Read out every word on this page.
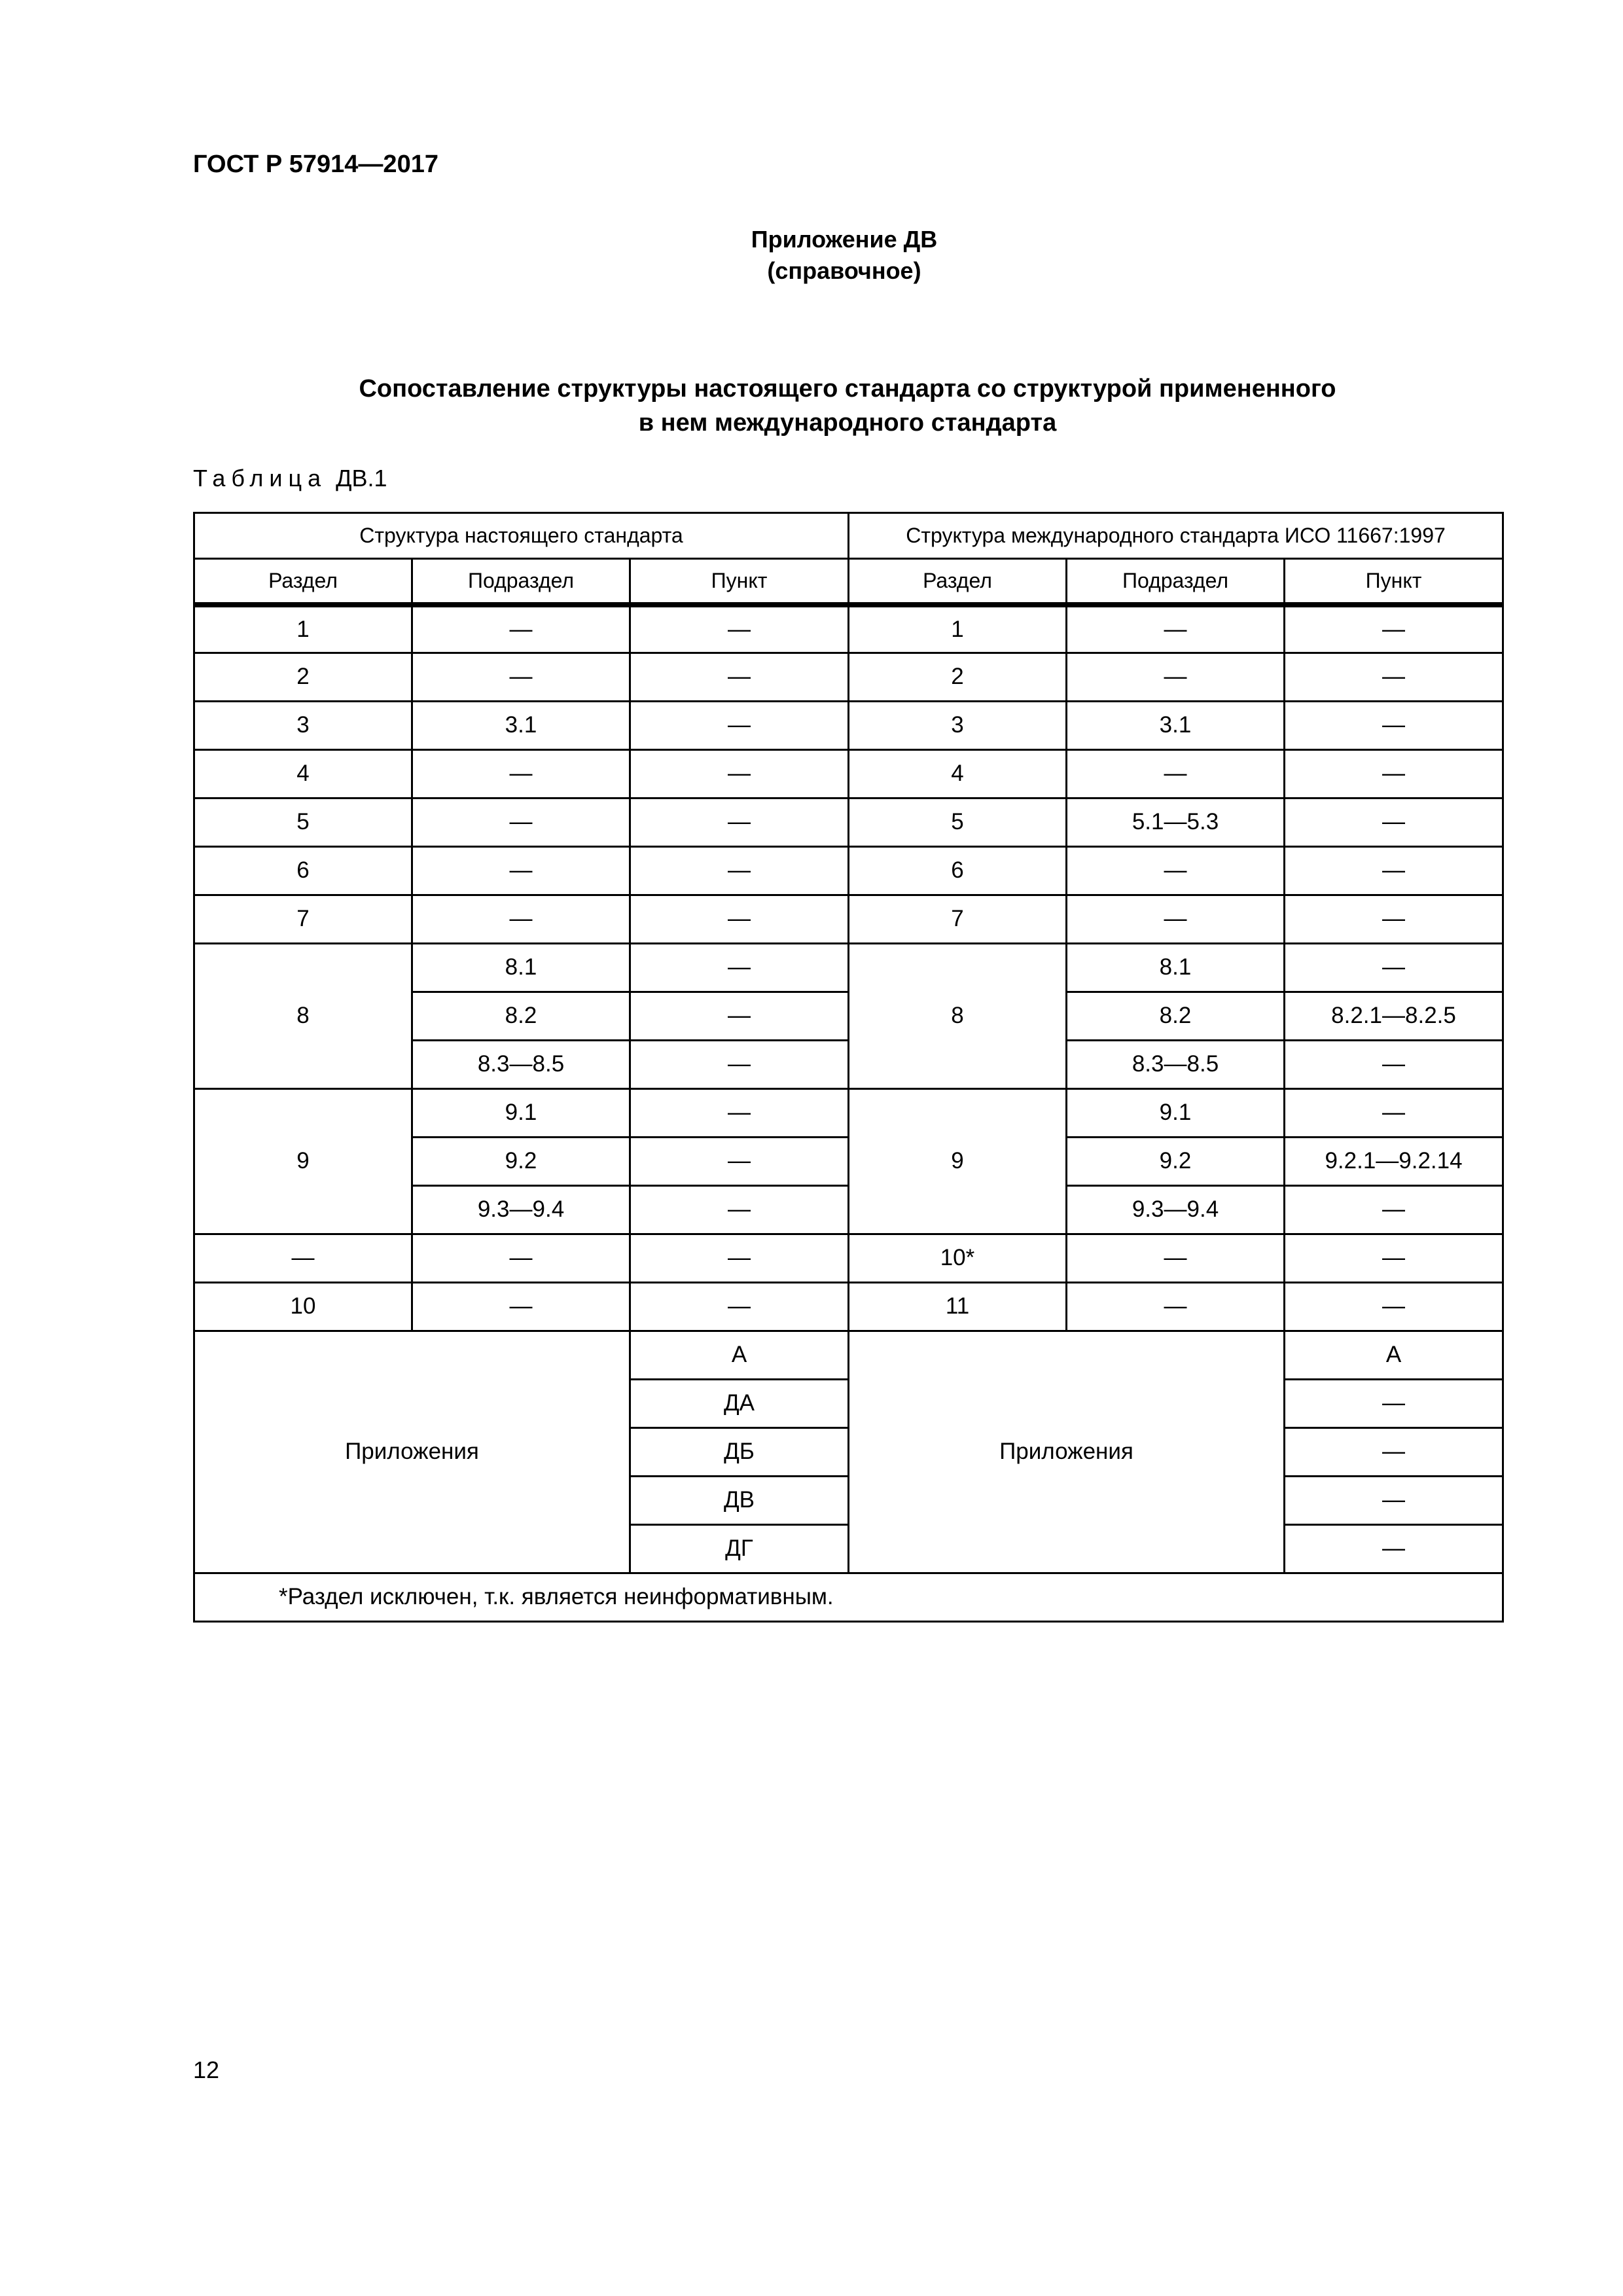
ГОСТ Р 57914—2017
Приложение ДВ
(справочное)
Сопоставление структуры настоящего стандарта со структурой примененного
в нем международного стандарта
Таблица ДВ.1
Структура настоящего стандарта			Структура международного стандарта ИСО 11667:1997		
Раздел	Подраздел	Пункт	Раздел	Подраздел	Пункт
1	—	—	1	—	—
2	—	—	2	—	—
3	3.1	—	3	3.1	—
4	—	—	4	—	—
5	—	—	5	5.1—5.3	—
6	—	—	6	—	—
7	—	—	7	—	—
8	8.1	—	8	8.1	—
	8.2	—		8.2	8.2.1—8.2.5
	8.3—8.5	—		8.3—8.5	—
9	9.1	—	9	9.1	—
	9.2	—		9.2	9.2.1—9.2.14
	9.3—9.4	—		9.3—9.4	—
—	—	—	10*	—	—
10	—	—	11	—	—
Приложения		А	Приложения		А
		ДА			—
		ДБ			—
		ДВ			—
		ДГ			—
*Раздел исключен, т.к. является неинформативным.					
12
